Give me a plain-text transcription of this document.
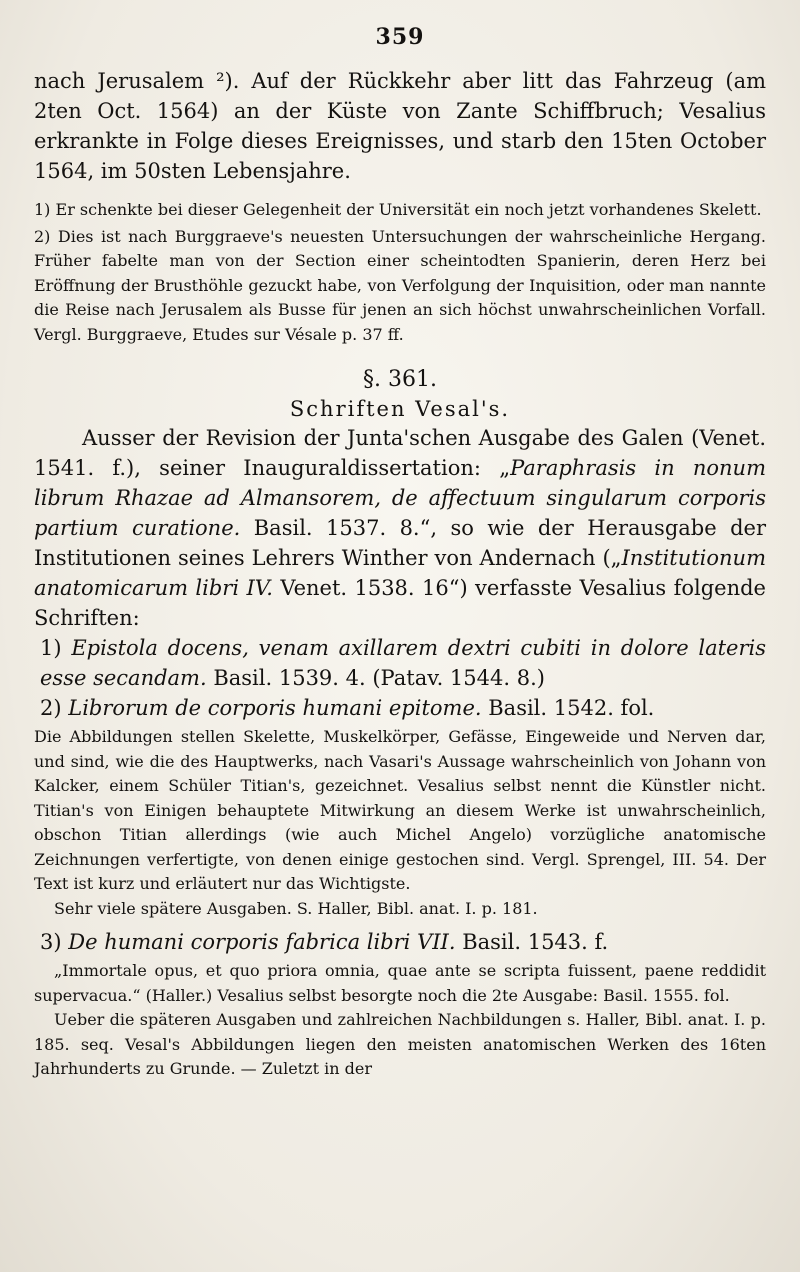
359

nach Jerusalem ²). Auf der Rückkehr aber litt das Fahrzeug (am 2ten Oct. 1564) an der Küste von Zante Schiffbruch; Vesalius erkrankte in Folge dieses Ereignisses, und starb den 15ten October 1564, im 50sten Lebensjahre.

1) Er schenkte bei dieser Gelegenheit der Universität ein noch jetzt vorhandenes Skelett.

2) Dies ist nach Burggraeve's neuesten Untersuchungen der wahrscheinliche Hergang. Früher fabelte man von der Section einer scheintodten Spanierin, deren Herz bei Eröffnung der Brusthöhle gezuckt habe, von Verfolgung der Inquisition, oder man nannte die Reise nach Jerusalem als Busse für jenen an sich höchst unwahrscheinlichen Vorfall. Vergl. Burggraeve, Etudes sur Vésale p. 37 ff.

§. 361.
Schriften Vesal's.

Ausser der Revision der Junta'schen Ausgabe des Galen (Venet. 1541. f.), seiner Inauguraldissertation: „Paraphrasis in nonum librum Rhazae ad Almansorem, de affectuum singularum corporis partium curatione. Basil. 1537. 8.“, so wie der Herausgabe der Institutionen seines Lehrers Winther von Andernach („Institutionum anatomicarum libri IV. Venet. 1538. 16“) verfasste Vesalius folgende Schriften:

1) Epistola docens, venam axillarem dextri cubiti in dolore lateris esse secandam. Basil. 1539. 4. (Patav. 1544. 8.)

2) Librorum de corporis humani epitome. Basil. 1542. fol.

Die Abbildungen stellen Skelette, Muskelkörper, Gefässe, Eingeweide und Nerven dar, und sind, wie die des Hauptwerks, nach Vasari's Aussage wahrscheinlich von Johann von Kalcker, einem Schüler Titian's, gezeichnet. Vesalius selbst nennt die Künstler nicht. Titian's von Einigen behauptete Mitwirkung an diesem Werke ist unwahrscheinlich, obschon Titian allerdings (wie auch Michel Angelo) vorzügliche anatomische Zeichnungen verfertigte, von denen einige gestochen sind. Vergl. Sprengel, III. 54. Der Text ist kurz und erläutert nur das Wichtigste.

Sehr viele spätere Ausgaben. S. Haller, Bibl. anat. I. p. 181.

3) De humani corporis fabrica libri VII. Basil. 1543. f.

„Immortale opus, et quo priora omnia, quae ante se scripta fuissent, paene reddidit supervacua.“ (Haller.) Vesalius selbst besorgte noch die 2te Ausgabe: Basil. 1555. fol.

Ueber die späteren Ausgaben und zahlreichen Nachbildungen s. Haller, Bibl. anat. I. p. 185. seq. Vesal's Abbildungen liegen den meisten anatomischen Werken des 16ten Jahrhunderts zu Grunde. — Zuletzt in der
